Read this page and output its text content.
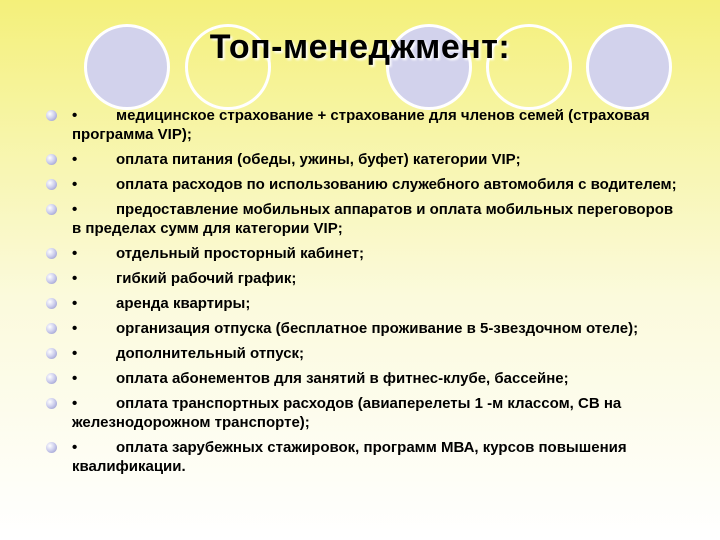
Топ-менеджмент:
•	медицинское страхование + страхование для членов семей (страховая программа VIP);
•	оплата питания (обеды, ужины, буфет) категории VIP;
•	оплата расходов по использованию служебного автомобиля с водителем;
•	предоставление мобильных аппаратов и оплата мобильных переговоров в пределах сумм для категории VIP;
•	отдельный просторный кабинет;
•	гибкий рабочий график;
•	аренда квартиры;
•	организация отпуска (бесплатное проживание в 5-звездочном отеле);
•	дополнительный отпуск;
•	оплата абонементов для занятий в фитнес-клубе, бассейне;
•	оплата транспортных расходов (авиаперелеты 1 -м классом, СВ на железнодорожном транспорте);
•	оплата зарубежных стажировок, программ МВА, курсов повышения квалификации.
